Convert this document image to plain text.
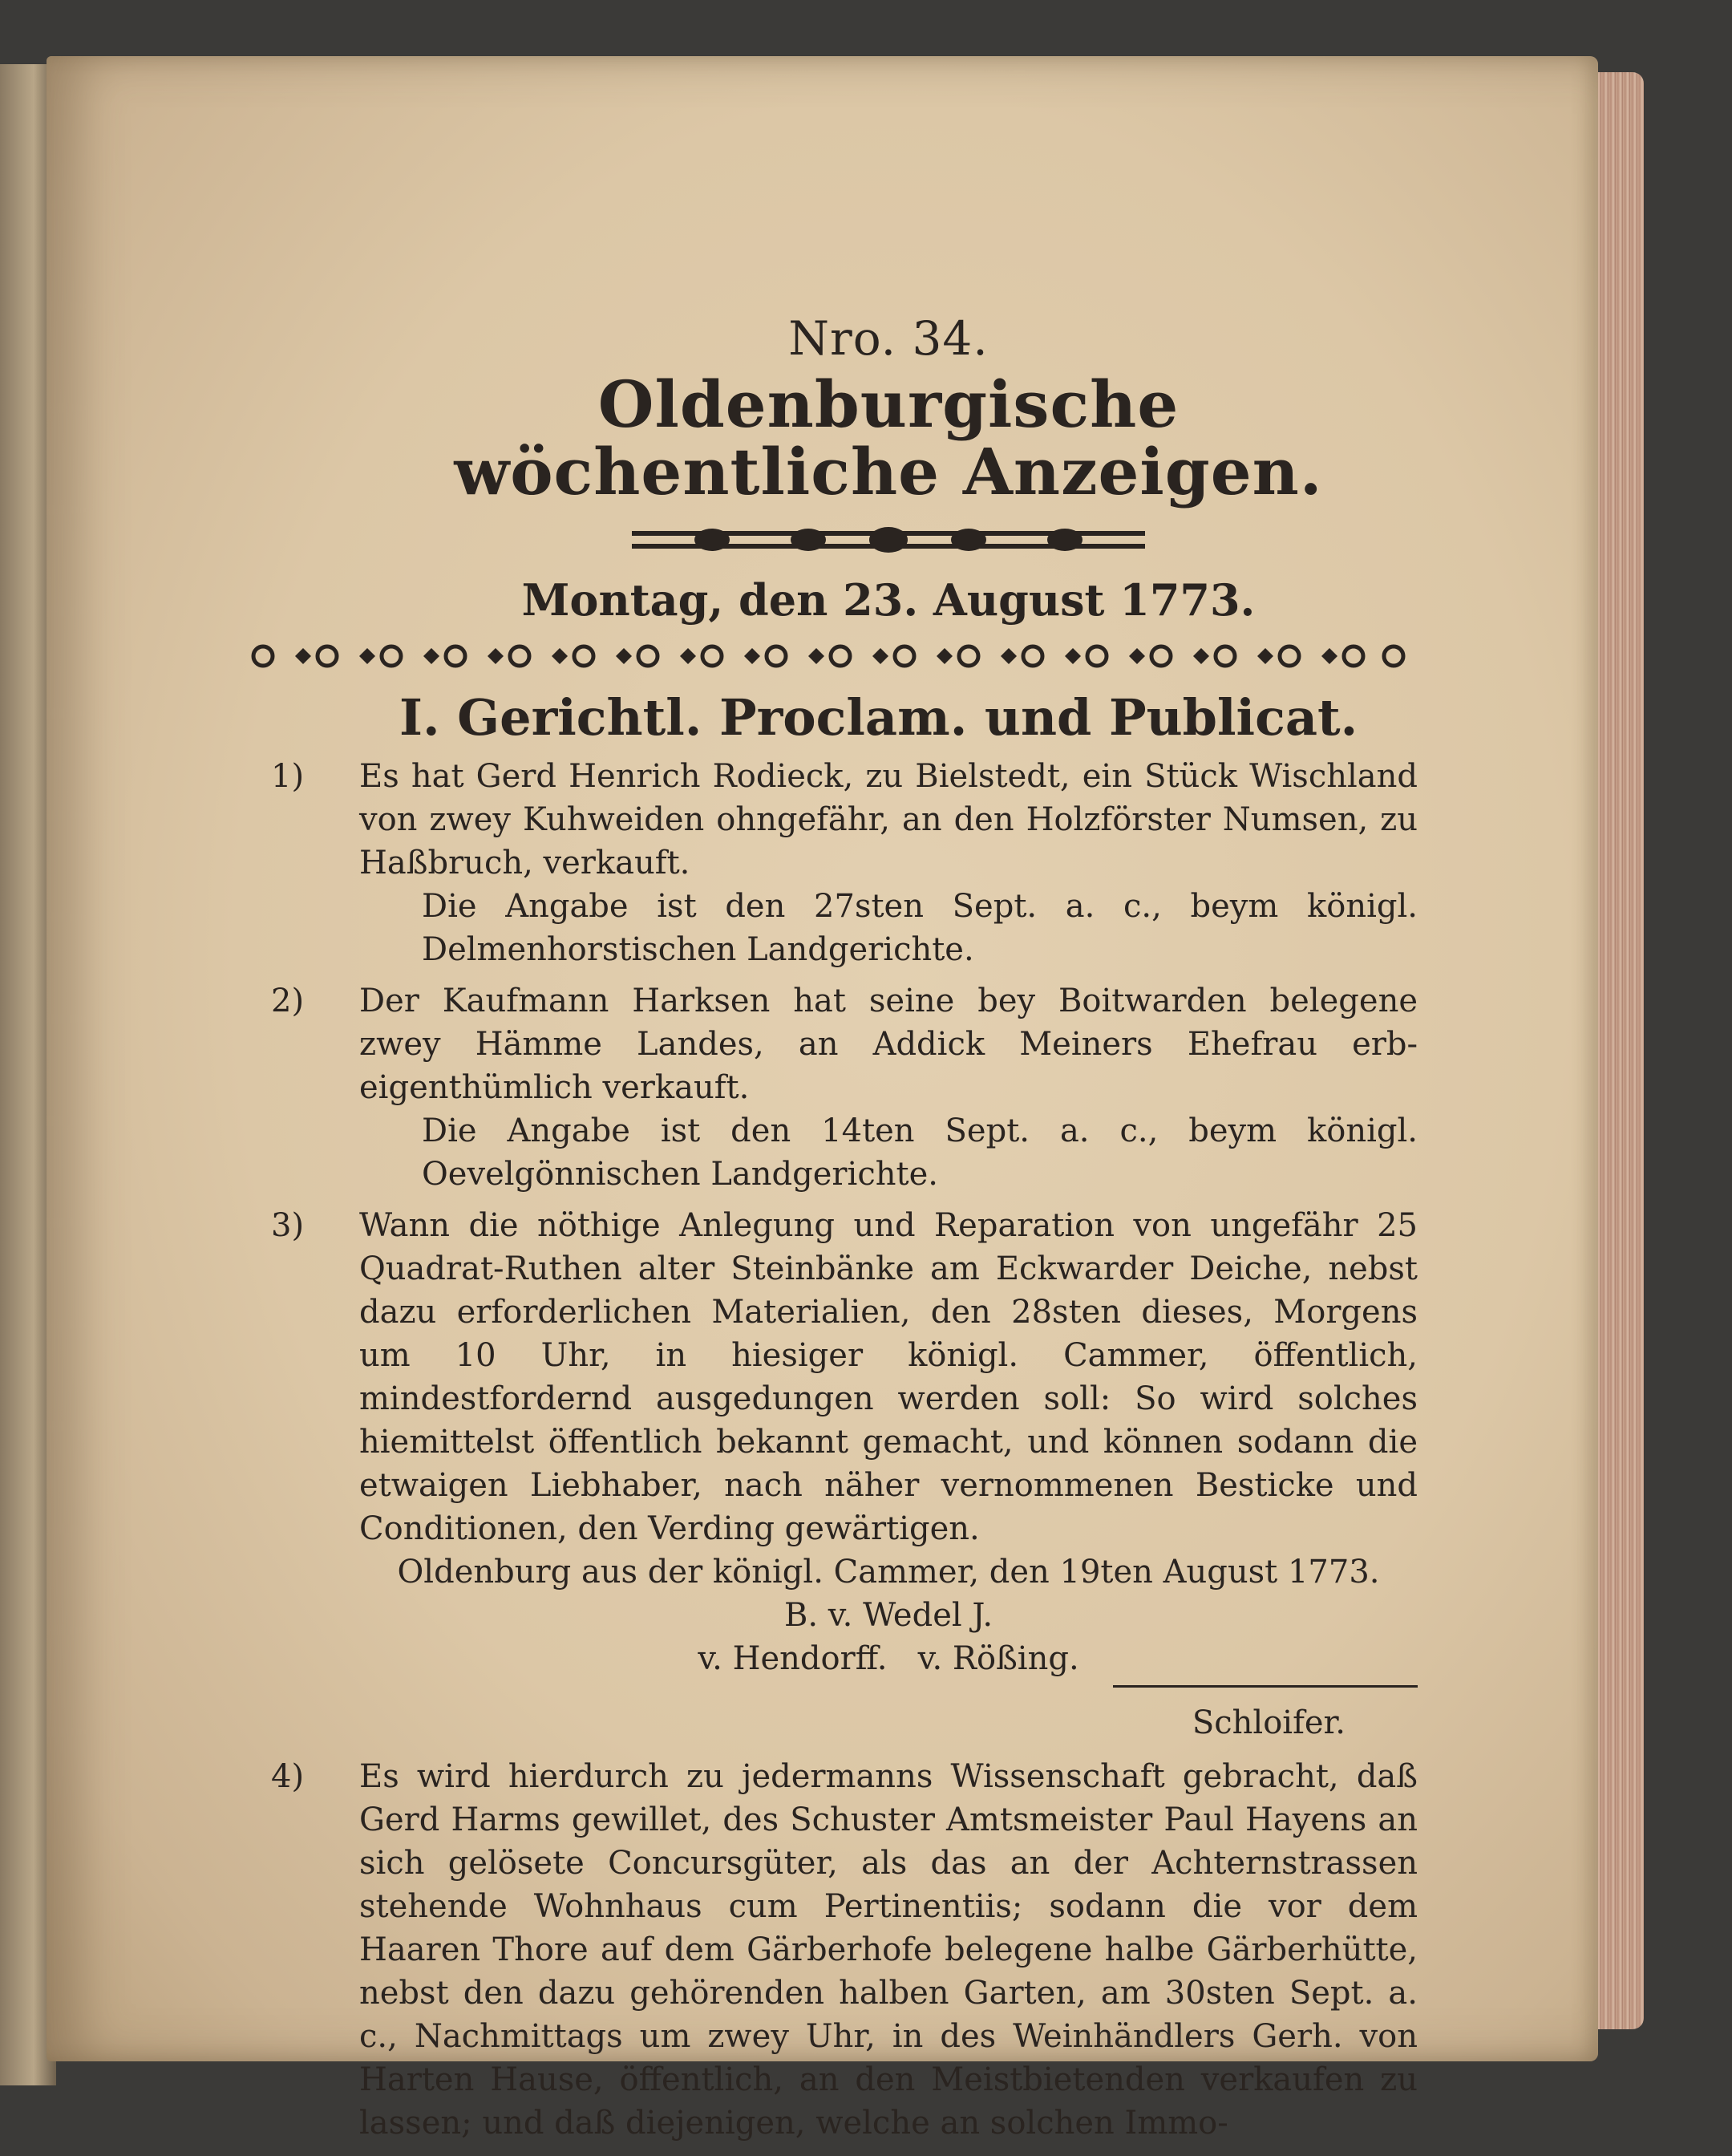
Nro. 34.
Oldenburgische wöchentliche Anzeigen.
Montag, den 23. August 1773.
I. Gerichtl. Proclam. und Publicat.
1) Es hat Gerd Henrich Rodieck, zu Bielstedt, ein Stück Wischland von zwey Kuhweiden ohngefähr, an den Holzförster Numsen, zu Haßbruch, verkauft.
Die Angabe ist den 27sten Sept. a. c., beym königl. Delmenhorstischen Landgerichte.
2) Der Kaufmann Harksen hat seine bey Boitwarden belegene zwey Hämme Landes, an Addick Meiners Ehefrau erb-eigenthümlich verkauft.
Die Angabe ist den 14ten Sept. a. c., beym königl. Oevelgönnischen Landgerichte.
3) Wann die nöthige Anlegung und Reparation von ungefähr 25 Quadrat-Ruthen alter Steinbänke am Eckwarder Deiche, nebst dazu erforderlichen Materialien, den 28sten dieses, Morgens um 10 Uhr, in hiesiger königl. Cammer, öffentlich, mindestfordernd ausgedungen werden soll: So wird solches hiemittelst öffentlich bekannt gemacht, und können sodann die etwaigen Liebhaber, nach näher vernommenen Besticke und Conditionen, den Verding gewärtigen.
Oldenburg aus der königl. Cammer, den 19ten August 1773.
B. v. Wedel J.
v. Hendorff.   v. Rößing.
Schloifer.
4) Es wird hierdurch zu jedermanns Wissenschaft gebracht, daß Gerd Harms gewillet, des Schuster Amtsmeister Paul Hayens an sich gelösete Concursgüter, als das an der Achternstrassen stehende Wohnhaus cum Pertinentiis; sodann die vor dem Haaren Thore auf dem Gärberhofe belegene halbe Gärberhütte, nebst den dazu gehörenden halben Garten, am 30sten Sept. a. c., Nachmittags um zwey Uhr, in des Weinhändlers Gerh. von Harten Hause, öffentlich, an den Meistbietenden verkaufen zu lassen; und daß diejenigen, welche an solchen Immo-
